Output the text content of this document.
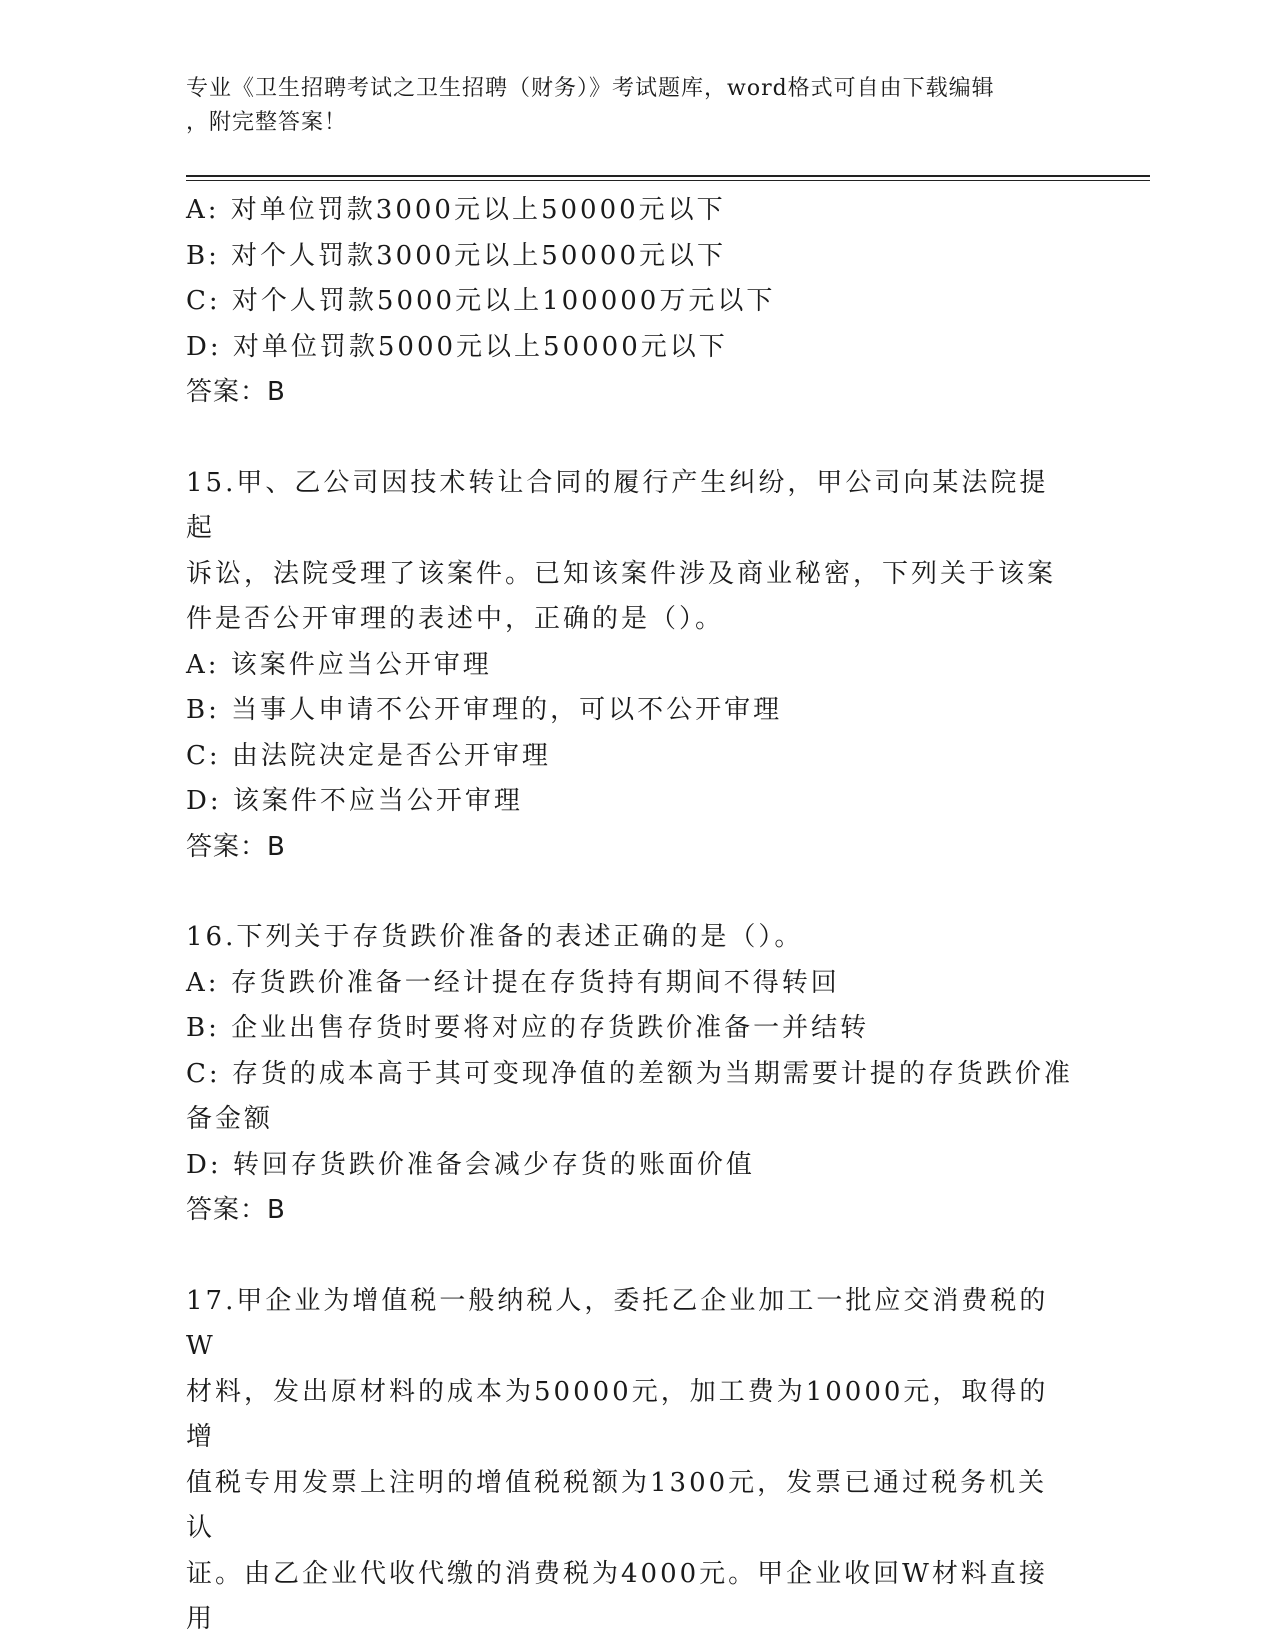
专业《卫生招聘考试之卫生招聘（财务）》考试题库，word格式可自由下载编辑
，附完整答案！
A: 对单位罚款3000元以上50000元以下
B: 对个人罚款3000元以上50000元以下
C: 对个人罚款5000元以上100000万元以下
D: 对单位罚款5000元以上50000元以下
答案：B
15.甲、乙公司因技术转让合同的履行产生纠纷，甲公司向某法院提起
诉讼，法院受理了该案件。已知该案件涉及商业秘密，下列关于该案
件是否公开审理的表述中，正确的是（）。
A: 该案件应当公开审理
B: 当事人申请不公开审理的，可以不公开审理
C: 由法院决定是否公开审理
D: 该案件不应当公开审理
答案：B
16.下列关于存货跌价准备的表述正确的是（）。
A: 存货跌价准备一经计提在存货持有期间不得转回
B: 企业出售存货时要将对应的存货跌价准备一并结转
C: 存货的成本高于其可变现净值的差额为当期需要计提的存货跌价准
备金额
D: 转回存货跌价准备会减少存货的账面价值
答案：B
17.甲企业为增值税一般纳税人，委托乙企业加工一批应交消费税的W
材料，发出原材料的成本为50000元，加工费为10000元，取得的增
值税专用发票上注明的增值税税额为1300元，发票已通过税务机关认
证。由乙企业代收代缴的消费税为4000元。甲企业收回W材料直接用
